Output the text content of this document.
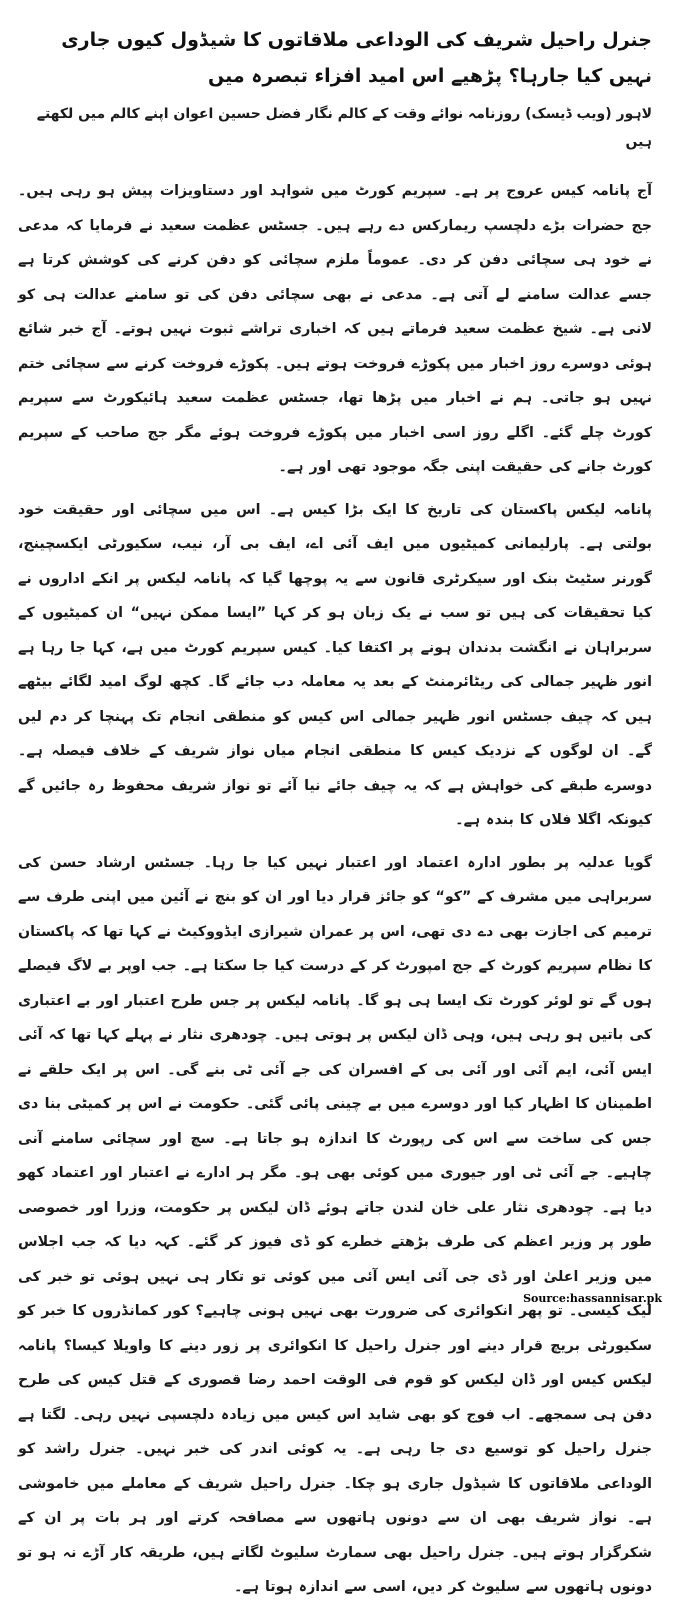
جنرل راحیل شریف کی الوداعی ملاقاتوں کا شیڈول کیوں جاری نہیں کیا جارہا؟ پڑھیے اس امید افزاء تبصرہ میں

لاہور (ویب ڈیسک) روزنامہ نوائے وقت کے کالم نگار فضل حسین اعوان اپنے کالم میں لکھتے ہیں

آج پانامہ کیس عروج پر ہے۔ سپریم کورٹ میں شواہد اور دستاویزات پیش ہو رہی ہیں۔ جج حضرات بڑے دلچسپ ریمارکس دے رہے ہیں۔ جسٹس عظمت سعید نے فرمایا کہ مدعی نے خود ہی سچائی دفن کر دی۔ عموماً ملزم سچائی کو دفن کرنے کی کوشش کرتا ہے جسے عدالت سامنے لے آتی ہے۔ مدعی نے بھی سچائی دفن کی تو سامنے عدالت ہی کو لانی ہے۔ شیخ عظمت سعید فرماتے ہیں کہ اخباری تراشے ثبوت نہیں ہوتے۔ آج خبر شائع ہوئی دوسرے روز اخبار میں پکوڑے فروخت ہوتے ہیں۔ پکوڑے فروخت کرنے سے سچائی ختم نہیں ہو جاتی۔ ہم نے اخبار میں پڑھا تھا، جسٹس عظمت سعید ہائیکورٹ سے سپریم کورٹ چلے گئے۔ اگلے روز اسی اخبار میں پکوڑے فروخت ہوئے مگر جج صاحب کے سپریم کورٹ جانے کی حقیقت اپنی جگہ موجود تھی اور ہے۔

پانامہ لیکس پاکستان کی تاریخ کا ایک بڑا کیس ہے۔ اس میں سچائی اور حقیقت خود بولتی ہے۔ پارلیمانی کمیٹیوں میں ایف آئی اے، ایف بی آر، نیب، سکیورٹی ایکسچینج، گورنر سٹیٹ بنک اور سیکرٹری قانون سے یہ پوچھا گیا کہ پانامہ لیکس پر انکے اداروں نے کیا تحقیقات کی ہیں تو سب نے یک زبان ہو کر کہا ”ایسا ممکن نہیں“ ان کمیٹیوں کے سربراہان نے انگشت بدندان ہونے پر اکتفا کیا۔ کیس سپریم کورٹ میں ہے، کہا جا رہا ہے انور ظہیر جمالی کی ریٹائرمنٹ کے بعد یہ معاملہ دب جائے گا۔ کچھ لوگ امید لگائے بیٹھے ہیں کہ چیف جسٹس انور ظہیر جمالی اس کیس کو منطقی انجام تک پہنچا کر دم لیں گے۔ ان لوگوں کے نزدیک کیس کا منطقی انجام میاں نواز شریف کے خلاف فیصلہ ہے۔ دوسرے طبقے کی خواہش ہے کہ یہ چیف جائے نیا آئے تو نواز شریف محفوظ رہ جائیں گے کیونکہ اگلا فلاں کا بندہ ہے۔

گویا عدلیہ پر بطور ادارہ اعتماد اور اعتبار نہیں کیا جا رہا۔ جسٹس ارشاد حسن کی سربراہی میں مشرف کے ”کو“ کو جائز قرار دیا اور ان کو بنچ نے آئین میں اپنی طرف سے ترمیم کی اجازت بھی دے دی تھی، اس پر عمران شیرازی ایڈووکیٹ نے کہا تھا کہ پاکستان کا نظام سپریم کورٹ کے جج امپورٹ کر کے درست کیا جا سکتا ہے۔ جب اوپر بے لاگ فیصلے ہوں گے تو لوئر کورٹ تک ایسا ہی ہو گا۔ پانامہ لیکس پر جس طرح اعتبار اور بے اعتباری کی باتیں ہو رہی ہیں، وہی ڈان لیکس پر ہوتی ہیں۔ چودھری نثار نے پہلے کہا تھا کہ آئی ایس آئی، ایم آئی اور آئی بی کے افسران کی جے آئی ٹی بنے گی۔ اس پر ایک حلقے نے اطمینان کا اظہار کیا اور دوسرے میں بے چینی پائی گئی۔ حکومت نے اس پر کمیٹی بنا دی جس کی ساخت سے اس کی رپورٹ کا اندازہ ہو جاتا ہے۔ سچ اور سچائی سامنے آنی چاہیے۔ جے آئی ٹی اور جیوری میں کوئی بھی ہو۔ مگر ہر ادارے نے اعتبار اور اعتماد کھو دیا ہے۔ چودھری نثار علی خان لندن جاتے ہوئے ڈان لیکس پر حکومت، وزرا اور خصوصی طور پر وزیر اعظم کی طرف بڑھتے خطرے کو ڈی فیوز کر گئے۔ کہہ دیا کہ جب اجلاس میں وزیر اعلیٰ اور ڈی جی آئی ایس آئی میں کوئی تو تکار ہی نہیں ہوئی تو خبر کی لیک کیسی۔ تو پھر انکوائری کی ضرورت بھی نہیں ہونی چاہیے؟ کور کمانڈروں کا خبر کو سکیورٹی بریچ قرار دینے اور جنرل راحیل کا انکوائری پر زور دینے کا واویلا کیسا؟ پانامہ لیکس کیس اور ڈان لیکس کو قوم فی الوقت احمد رضا قصوری کے قتل کیس کی طرح دفن ہی سمجھے۔ اب فوج کو بھی شاید اس کیس میں زیادہ دلچسپی نہیں رہی۔ لگتا ہے جنرل راحیل کو توسیع دی جا رہی ہے۔ یہ کوئی اندر کی خبر نہیں۔ جنرل راشد کو الوداعی ملاقاتوں کا شیڈول جاری ہو چکا۔ جنرل راحیل شریف کے معاملے میں خاموشی ہے۔ نواز شریف بھی ان سے دونوں ہاتھوں سے مصافحہ کرتے اور ہر بات پر ان کے شکرگزار ہوتے ہیں۔ جنرل راحیل بھی سمارٹ سلیوٹ لگاتے ہیں، طریقہ کار آڑے نہ ہو تو دونوں ہاتھوں سے سلیوٹ کر دیں، اسی سے اندازہ ہوتا ہے۔

Source:hassannisar.pk
